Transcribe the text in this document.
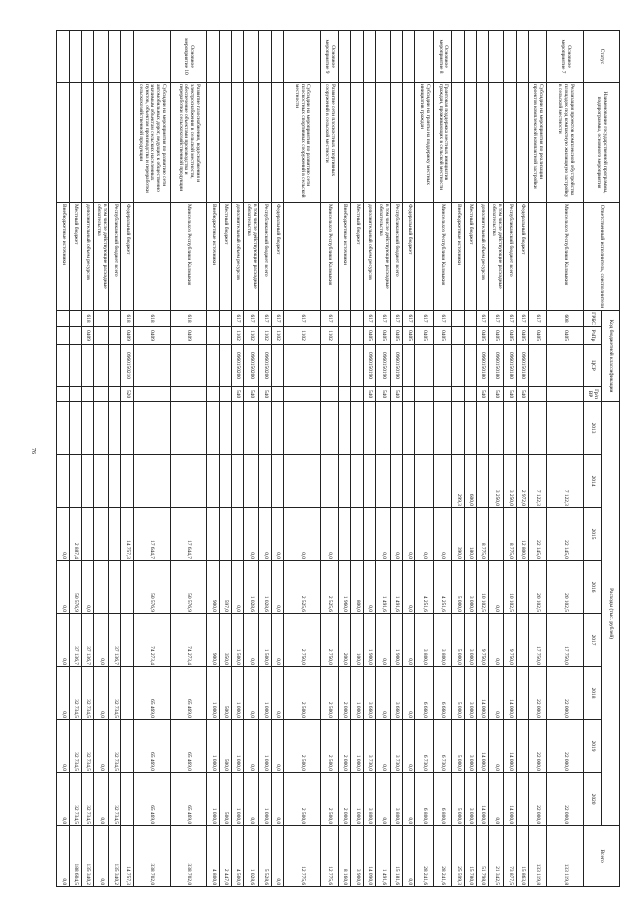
76
Статус	Наименование государственной программы, подпрограммы, основного мероприятия	Ответственный исполнитель, соисполнители	Код бюджетной классификации				Расходы (тыс. рублей)								Всего
			ГРБС	РзПр	ЦСР	Гр/п ВР	2013	2014	2015	2016	2017	2018	2019	2020	
Основное мероприятие 7	Реализация проектов комплексной обустройства площадок под компактную жилищную застройку в сельской местности	Минсельхоз Республики Калмыкия	608	0405				7 122,3	22 145,0	20 102,5	17 750,0	22 000,0	22 000,0	22 000,0	133 119,8
	Субсидии на мероприятия по реализации проектов комплексной компактной застройки		617	0405				7 122,3	22 145,0	20 102,5	17 750,0	22 000,0	22 000,0	22 000,0	133 119,8
		Федеральный бюджет	617	0405	0960150180	540		2 972,0	12 800,0						15 863,0
		Республиканский бюджет всего	617	0405	0960150180	540		3 250,0	8 775,0	10 102,5	9 750,0	14 000,0	14 000,0	14 000,0	73 877,5
		в том числе действующие расходные обязательства	617	0405	0960150180	540		3 250,0		0,0	0,0	0,0	0,0	0,0	21 342,5
		дополнительный объем ресурсов	617	0405	0960150180	540			8 775,0	10 102,5	9 750,0	14 000,0	14 000,0	14 000,0	51 798,0
		Местный бюджет						600,0	180,0	3 000,0	3 000,0	3 000,0	3 000,0	3 000,0	15 780,0
		Внебюджетные источники						299,3	390,0	5 000,0	5 000,0	5 000,0	5 000,0	5 000,0	25 599,3
Основное мероприятие 8	Грантовая поддержка местных инициатив граждан, проживающих в сельской местности	Минсельхоз Республики Калмыкия	617	0405					0,0	4 251,6	3 800,0	6 660,0	6 730,0	6 800,0	28 241,6
	Субсидии на гранты на поддержку местных инициатив граждан		617	0405					0,0	4 251,6	3 800,0	6 660,0	6 730,0	6 800,0	28 241,6
		Федеральный бюджет	617	0405					0,0	0,0	0,0	0,0	0,0	0,0	0,0
		Республиканский бюджет всего	617	0405	0960150190	540			0,0	1 491,6	1 900,0	3 660,0	3 730,0	3 800,0	15 181,6
		в том числе действующие расходные обязательства	617	0405	0960150190	540			0,0	1 491,6	0,0	0,0	0,0	0,0	1 491,6
		дополнительный объем ресурсов	617	0405	0960150190	540				0,0	1 900,0	3 660,0	3 730,0	3 800,0	14 090,0
		Местный бюджет								800,0	100,0	1 000,0	1 000,0	1 000,0	3 900,0
		Внебюджетные источники								1 960,0	200,0	2 000,0	2 000,0	2 000,0	8 160,0
Основное мероприятие 9	Развитие сети плоскостных спортивных сооружений в сельской местности	Минсельхоз Республики Калмыкия	617	1102					0,0	2 525,6	2 750,0	2 500,0	2 500,0	2 500,0	12 775,6
	Субсидии на мероприятия по развитию сети плоскостных спортивных сооружений в сельской местности		617	1102					0,0	2 525,6	2 750,0	2 500,0	2 500,0	2 500,0	12 775,6
		Федеральный бюджет	617	1102					0,0	0,0	0,0	0,0	0,0	0,0	0,0
		Республиканский бюджет всего	617	1102	0960150200	540			0,0	1 028,6	1 500,0	1 000,0	1 000,0	1 000,0	5 528,6
		в том числе действующие расходные обязательства	617	1102	0960150200	540			0,0	1 028,6	0,0	0,0	0,0	0,0	1 028,6
		дополнительный объем ресурсов	617	1102	0960150200	540				0,0	1 500,0	1 000,0	1 000,0	1 000,0	4 500,0
		Местный бюджет								597,0	350,0	500,0	500,0	500,0	2 447,0
		Внебюджетные источники								900,0	900,0	1 000,0	1 000,0	1 000,0	4 800,0
Основное мероприятие 10	Развитие газоснабжения, водоснабжения и электроснабжения в сельской местности, обеспечение объектами производства и переработки сельскохозяйственной продукции	Минсельхоз Республики Калмыкия	618	0409					17 644,7	50 576,9	74 273,4	65 469,0	65 469,0	65 469,0	338 702,0
	Субсидии на мероприятия по развитию сети автомобильных дорог, ведущих к общественно значимым объектам сельских населенных пунктов, объектам производства и переработки сельскохозяйственной продукции		618	0409					17 644,7	50 576,9	74 273,4	65 469,0	65 469,0	65 469,0	338 702,0
		Федеральный бюджет	618	0409	0960150210	520			14 757,3						14 757,3
		Республиканский бюджет всего									37 136,7	32 734,5	32 734,5	32 734,5	135 340,2
		в том числе действующие расходные обязательства									0,0	0,0	0,0	0,0	0,0
		дополнительный объем ресурсов	618	0409						0,0	37 136,7	32 734,5	32 734,5	32 734,5	135 340,2
		Местный бюджет							2 887,4	50 576,9	37 136,7	32 734,5	32 734,5	32 734,5	188 604,5
		Внебюджетные источники							0,0	0,0	0,0	0,0	0,0	0,0	0,0
